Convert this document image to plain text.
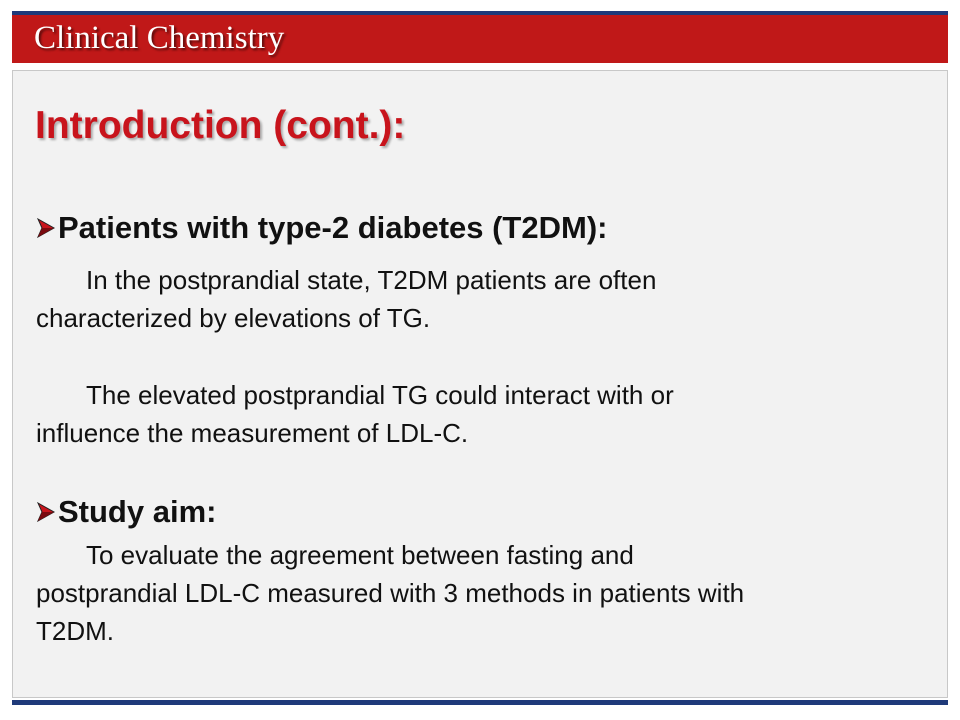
Clinical Chemistry
Introduction (cont.):
Patients with type-2 diabetes (T2DM):
In the postprandial state, T2DM patients are often
characterized by elevations of TG.
The elevated postprandial TG could interact with or
influence the measurement of LDL-C.
Study aim:
To evaluate the agreement between fasting and
postprandial LDL-C measured with 3 methods in patients with
T2DM.
